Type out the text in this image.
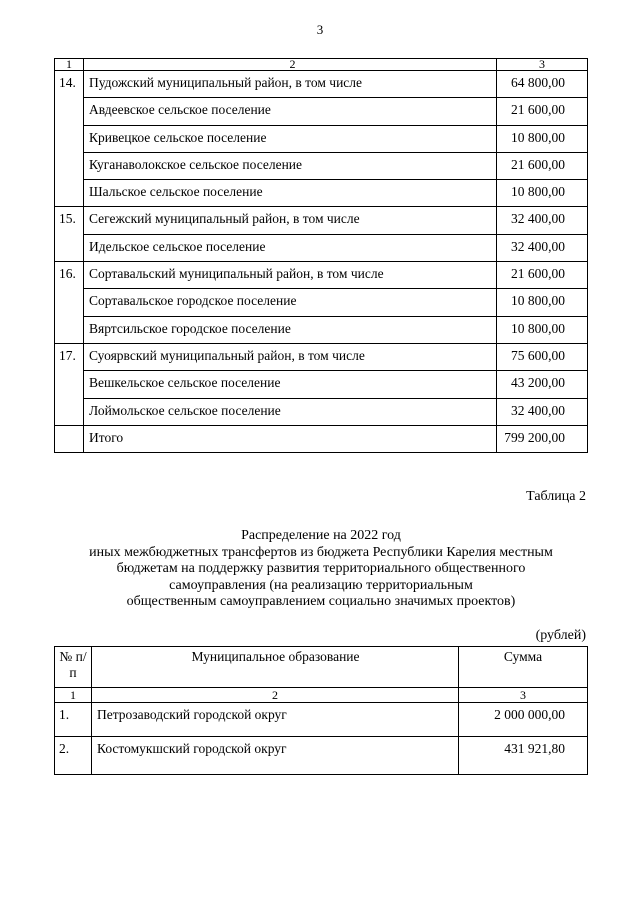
3
1	2	3
14.	Пудожский муниципальный район, в том числе	64 800,00
	Авдеевское сельское поселение	21 600,00
	Кривецкое сельское поселение	10 800,00
	Куганаволокское сельское поселение	21 600,00
	Шальское сельское поселение	10 800,00
15.	Сегежский муниципальный район, в том числе	32 400,00
	Идельское сельское поселение	32 400,00
16.	Сортавальский муниципальный район, в том числе	21 600,00
	Сортавальское городское поселение	10 800,00
	Вяртсильское городское поселение	10 800,00
17.	Суоярвский муниципальный район, в том числе	75 600,00
	Вешкельское сельское поселение	43 200,00
	Лоймольское сельское поселение	32 400,00
	Итого	799 200,00
Таблица 2
Распределение на 2022 год
иных межбюджетных трансфертов из бюджета Республики Карелия местным
бюджетам на поддержку развития территориального общественного
самоуправления (на реализацию территориальным
общественным самоуправлением социально значимых проектов)
(рублей)
№ п/п	Муниципальное образование	Сумма
1	2	3
1.	Петрозаводский городской округ	2 000 000,00
2.	Костомукшский городской округ	431 921,80
